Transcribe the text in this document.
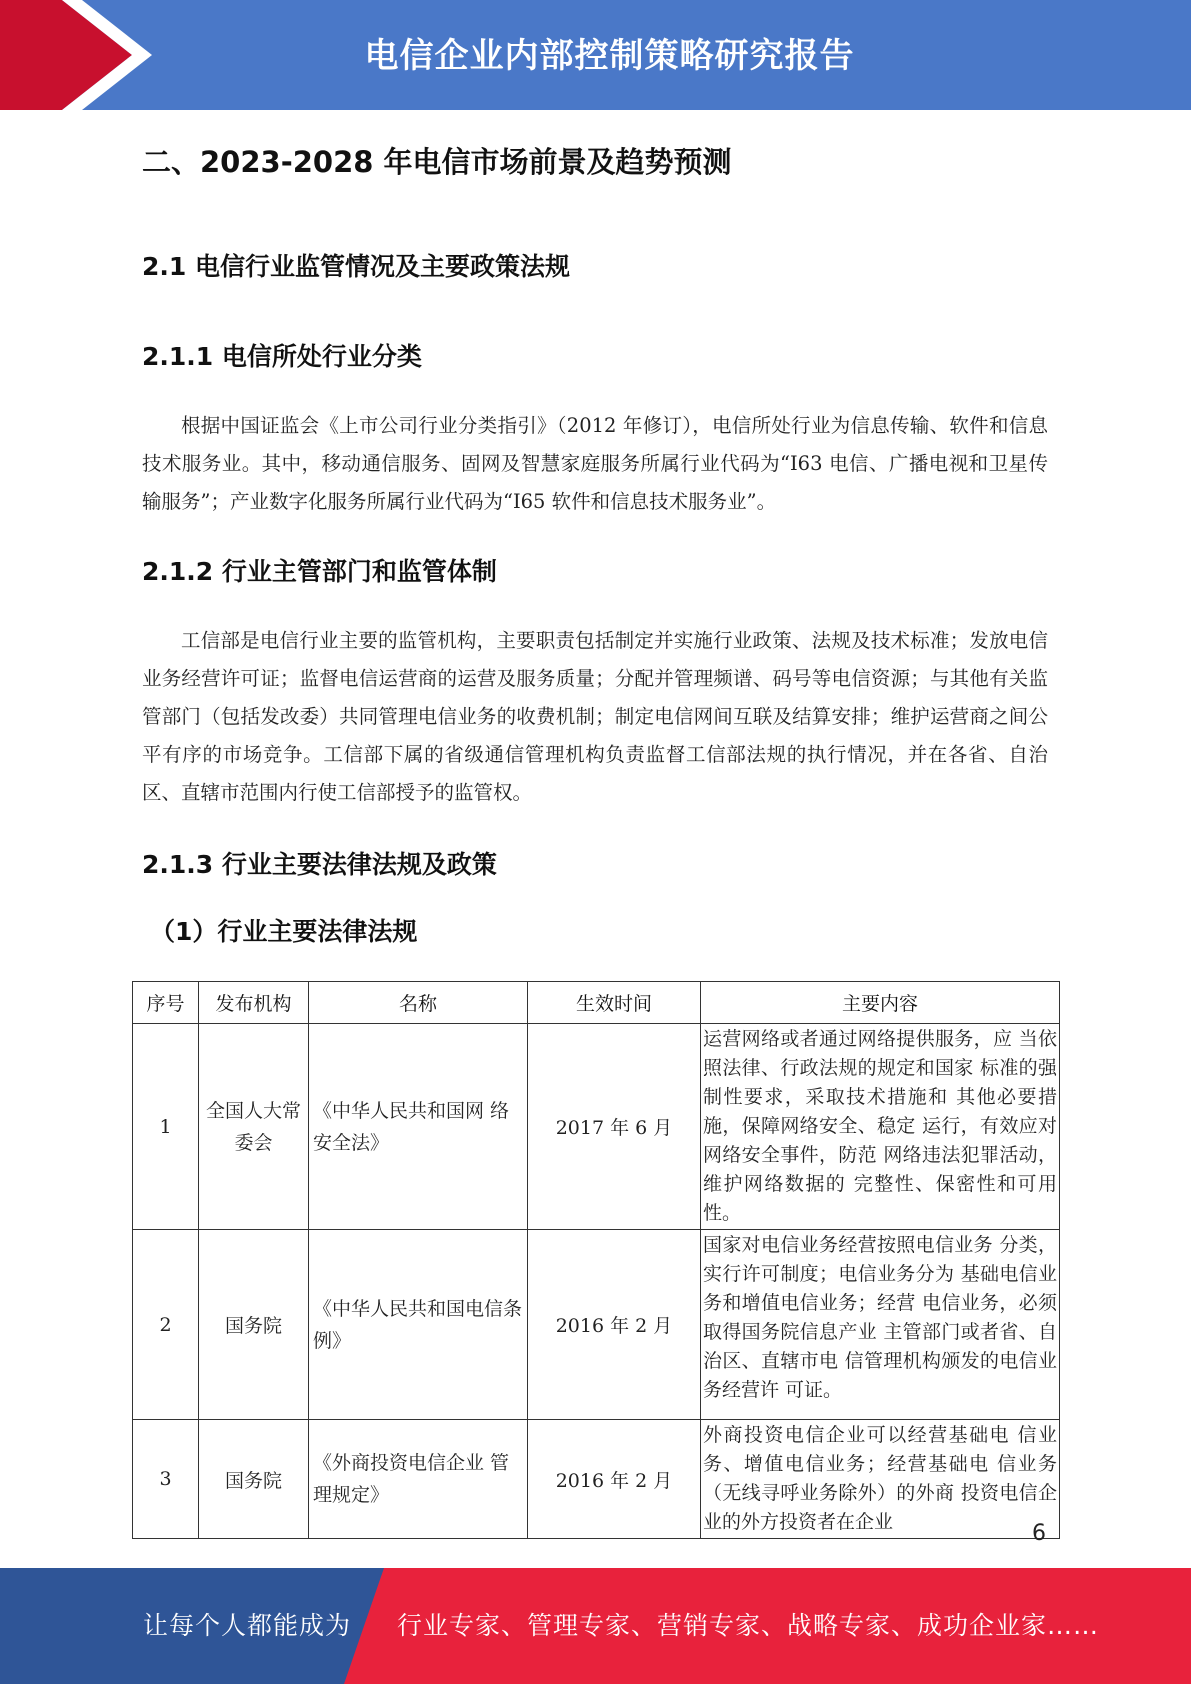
电信企业内部控制策略研究报告
二、2023-2028 年电信市场前景及趋势预测
2.1 电信行业监管情况及主要政策法规
2.1.1 电信所处行业分类

根据中国证监会《上市公司行业分类指引》（2012 年修订），电信所处行业为信息传输、软件和信息技术服务业。其中，移动通信服务、固网及智慧家庭服务所属行业代码为“I63 电信、广播电视和卫星传输服务”；产业数字化服务所属行业代码为“I65 软件和信息技术服务业”。

2.1.2 行业主管部门和监管体制

工信部是电信行业主要的监管机构，主要职责包括制定并实施行业政策、法规及技术标准；发放电信业务经营许可证；监督电信运营商的运营及服务质量；分配并管理频谱、码号等电信资源；与其他有关监管部门（包括发改委）共同管理电信业务的收费机制；制定电信网间互联及结算安排；维护运营商之间公平有序的市场竞争。工信部下属的省级通信管理机构负责监督工信部法规的执行情况，并在各省、自治区、直辖市范围内行使工信部授予的监管权。

2.1.3 行业主要法律法规及政策
（1）行业主要法律法规
序号	发布机构	名称	生效时间	主要内容
1	全国人大常委会	《中华人民共和国网 络安全法》	2017 年 6 月	运营网络或者通过网络提供服务，应 当依照法律、行政法规的规定和国家 标准的强制性要求，采取技术措施和 其他必要措施，保障网络安全、稳定 运行，有效应对网络安全事件，防范 网络违法犯罪活动，维护网络数据的 完整性、保密性和可用性。
2	国务院	《中华人民共和国电信条例》	2016 年 2 月	国家对电信业务经营按照电信业务 分类，实行许可制度；电信业务分为 基础电信业务和增值电信业务；经营 电信业务，必须取得国务院信息产业 主管部门或者省、自治区、直辖市电 信管理机构颁发的电信业务经营许 可证。
3	国务院	《外商投资电信企业 管理规定》	2016 年 2 月	外商投资电信企业可以经营基础电 信业务、增值电信业务；经营基础电 信业务（无线寻呼业务除外）的外商 投资电信企业的外方投资者在企业	6
让每个人都能成为 行业专家、管理专家、营销专家、战略专家、成功企业家……
